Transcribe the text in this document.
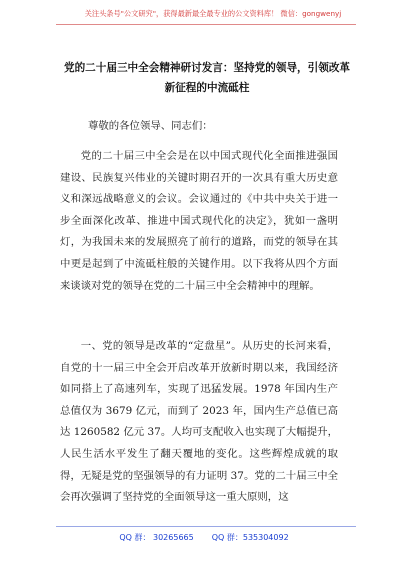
关注头条号"公文研究"，获得最新最全最专业的公文资料库！ 微信：gongwenyj
党的二十届三中全会精神研讨发言：坚持党的领导，引领改革新征程的中流砥柱
尊敬的各位领导、同志们：
党的二十届三中全会是在以中国式现代化全面推进强国建设、民族复兴伟业的关键时期召开的一次具有重大历史意义和深远战略意义的会议。会议通过的《中共中央关于进一步全面深化改革、推进中国式现代化的决定》，犹如一盏明灯，为我国未来的发展照亮了前行的道路，而党的领导在其中更是起到了中流砥柱般的关键作用。以下我将从四个方面来谈谈对党的领导在党的二十届三中全会精神中的理解。
一、党的领导是改革的“定盘星”。从历史的长河来看，自党的十一届三中全会开启改革开放新时期以来，我国经济如同搭上了高速列车，实现了迅猛发展。1978 年国内生产总值仅为 3679 亿元，而到了 2023 年，国内生产总值已高达 1260582 亿元 37。人均可支配收入也实现了大幅提升，人民生活水平发生了翻天覆地的变化。这些辉煌成就的取得，无疑是党的坚强领导的有力证明 37。党的二十届三中全会再次强调了坚持党的全面领导这一重大原则，这
QQ 群： 30265665 QQ 群：535304092
